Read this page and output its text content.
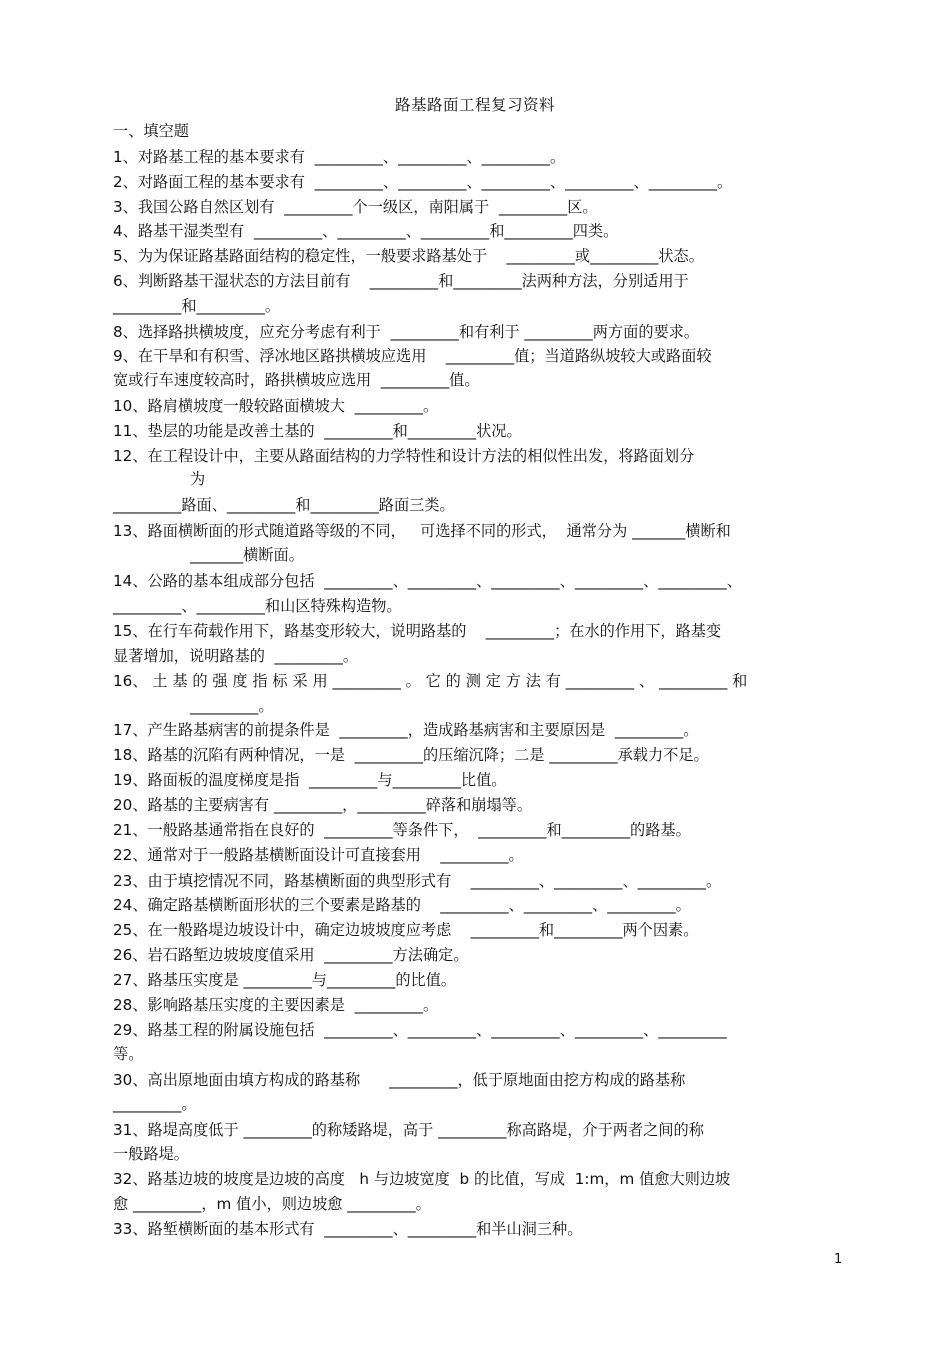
路基路面工程复习资料
一、填空题
1、对路基工程的基本要求有  _________、_________、_________。
2、对路面工程的基本要求有  _________、_________、_________、_________、_________。
3、我国公路自然区划有  _________个一级区，南阳属于  _________区。
4、路基干湿类型有  _________、_________、_________和_________四类。
5、为为保证路基路面结构的稳定性，一般要求路基处于    _________或_________状态。
6、判断路基干湿状态的方法目前有    _________和_________法两种方法，分别适用于
_________和_________。
8、选择路拱横坡度，应充分考虑有利于  _________和有利于 _________两方面的要求。
9、在干旱和有积雪、浮冰地区路拱横坡应选用    _________值；当道路纵坡较大或路面较
宽或行车速度较高时，路拱横坡应选用  _________值。
10、路肩横坡度一般较路面横坡大  _________。
11、垫层的功能是改善土基的  _________和_________状况。
12、在工程设计中，主要从路面结构的力学特性和设计方法的相似性出发，将路面划分
为
_________路面、_________和_________路面三类。
13、路面横断面的形式随道路等级的不同，   可选择不同的形式，  通常分为 _______横断和
_______横断面。
14、公路的基本组成部分包括  _________、_________、_________、_________、_________、
_________、_________和山区特殊构造物。
15、在行车荷载作用下，路基变形较大，说明路基的    _________；在水的作用下，路基变
显著增加，说明路基的  _________。
16、 土 基 的 强 度 指 标 采 用 _________ 。 它 的 测 定 方 法 有 _________ 、 _________ 和
_________。
17、产生路基病害的前提条件是  _________，造成路基病害和主要原因是  _________。
18、路基的沉陷有两种情况，一是  _________的压缩沉降；二是 _________承载力不足。
19、路面板的温度梯度是指  _________与_________比值。
20、路基的主要病害有 _________，_________碎落和崩塌等。
21、一般路基通常指在良好的  _________等条件下，  _________和_________的路基。
22、通常对于一般路基横断面设计可直接套用    _________。
23、由于填挖情况不同，路基横断面的典型形式有    _________、_________、_________。
24、确定路基横断面形状的三个要素是路基的    _________、_________、_________。
25、在一般路堤边坡设计中，确定边坡坡度应考虑    _________和_________两个因素。
26、岩石路堑边坡坡度值采用  _________方法确定。
27、路基压实度是 _________与_________的比值。
28、影响路基压实度的主要因素是  _________。
29、路基工程的附属设施包括  _________、_________、_________、_________、_________
等。
30、高出原地面由填方构成的路基称      _________，低于原地面由挖方构成的路基称
_________。
31、路堤高度低于 _________的称矮路堤，高于 _________称高路堤，介于两者之间的称
一般路堤。
32、路基边坡的坡度是边坡的高度   h 与边坡宽度  b 的比值，写成  1:m，m 值愈大则边坡
愈 _________，m 值小，则边坡愈 _________。
33、路堑横断面的基本形式有  _________、_________和半山洞三种。
1
